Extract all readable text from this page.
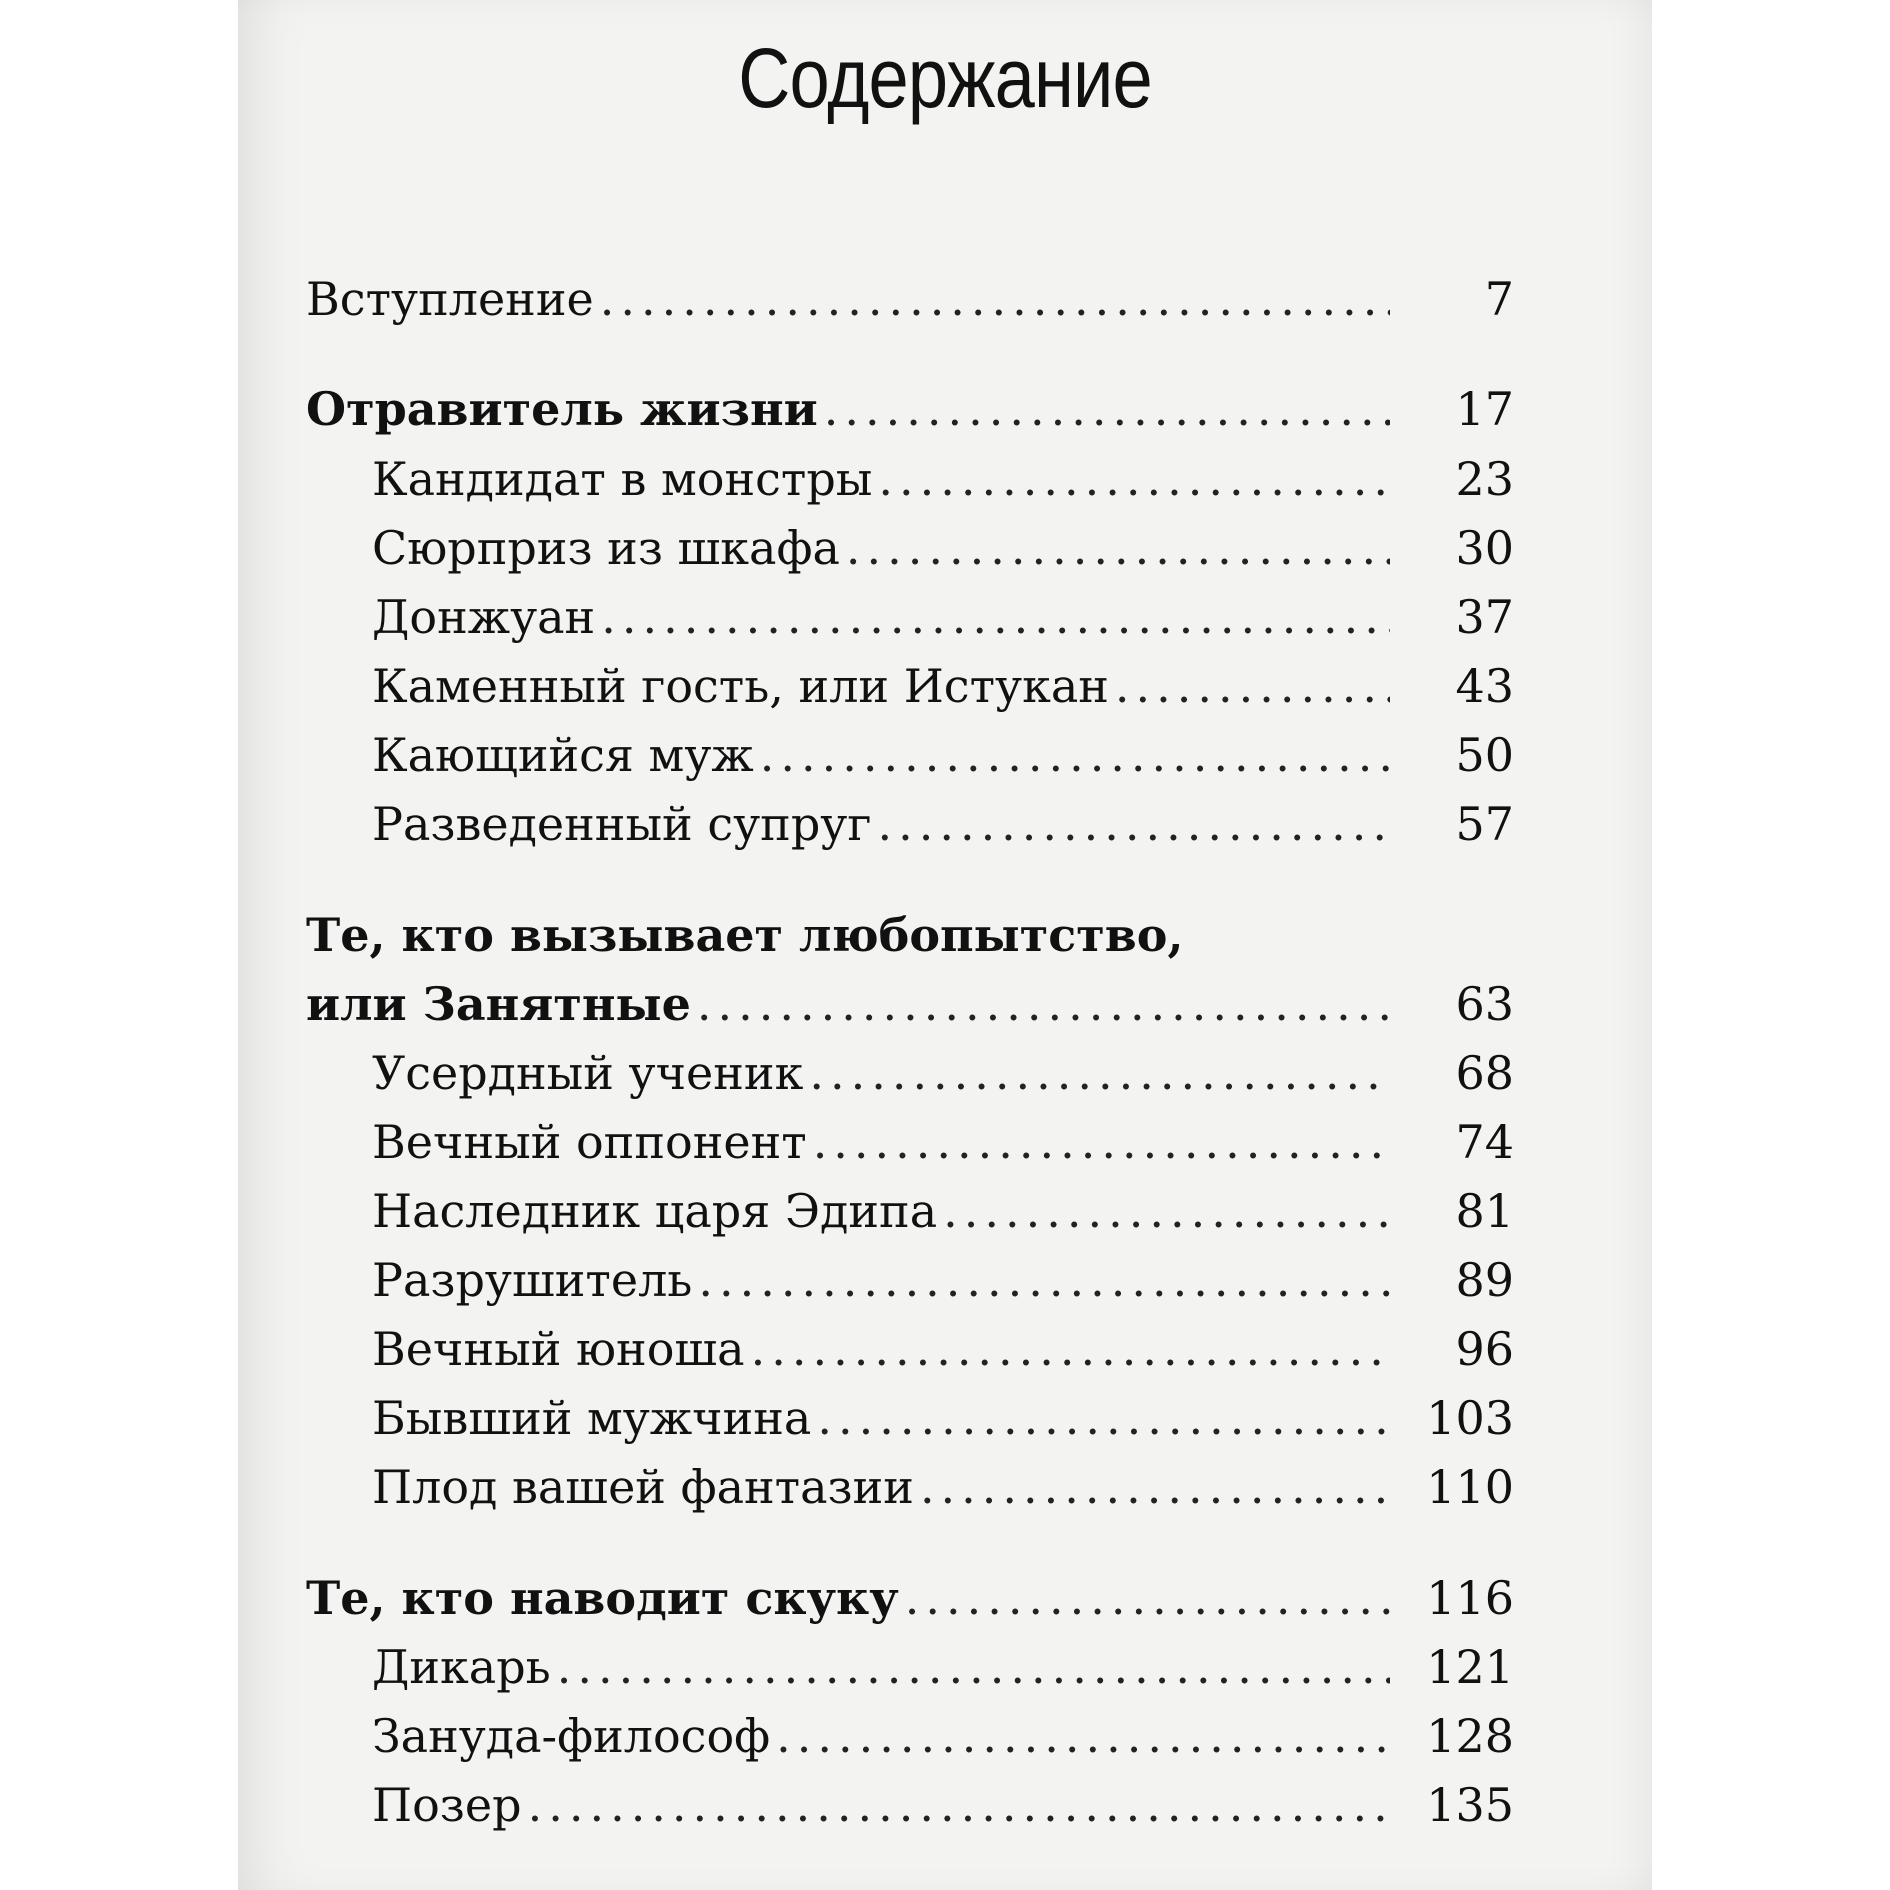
Содержание
Вступление .....	7
Отравитель жизни .....	17
Кандидат в монстры .....	23
Сюрприз из шкафа .....	30
Донжуан .....	37
Каменный гость, или Истукан .....	43
Кающийся муж .....	50
Разведенный супруг .....	57
Те, кто вызывает любопытство,
или Занятные .....	63
Усердный ученик .....	68
Вечный оппонент .....	74
Наследник царя Эдипа .....	81
Разрушитель .....	89
Вечный юноша .....	96
Бывший мужчина .....	103
Плод вашей фантазии .....	110
Те, кто наводит скуку .....	116
Дикарь .....	121
Зануда-философ .....	128
Позер .....	135
